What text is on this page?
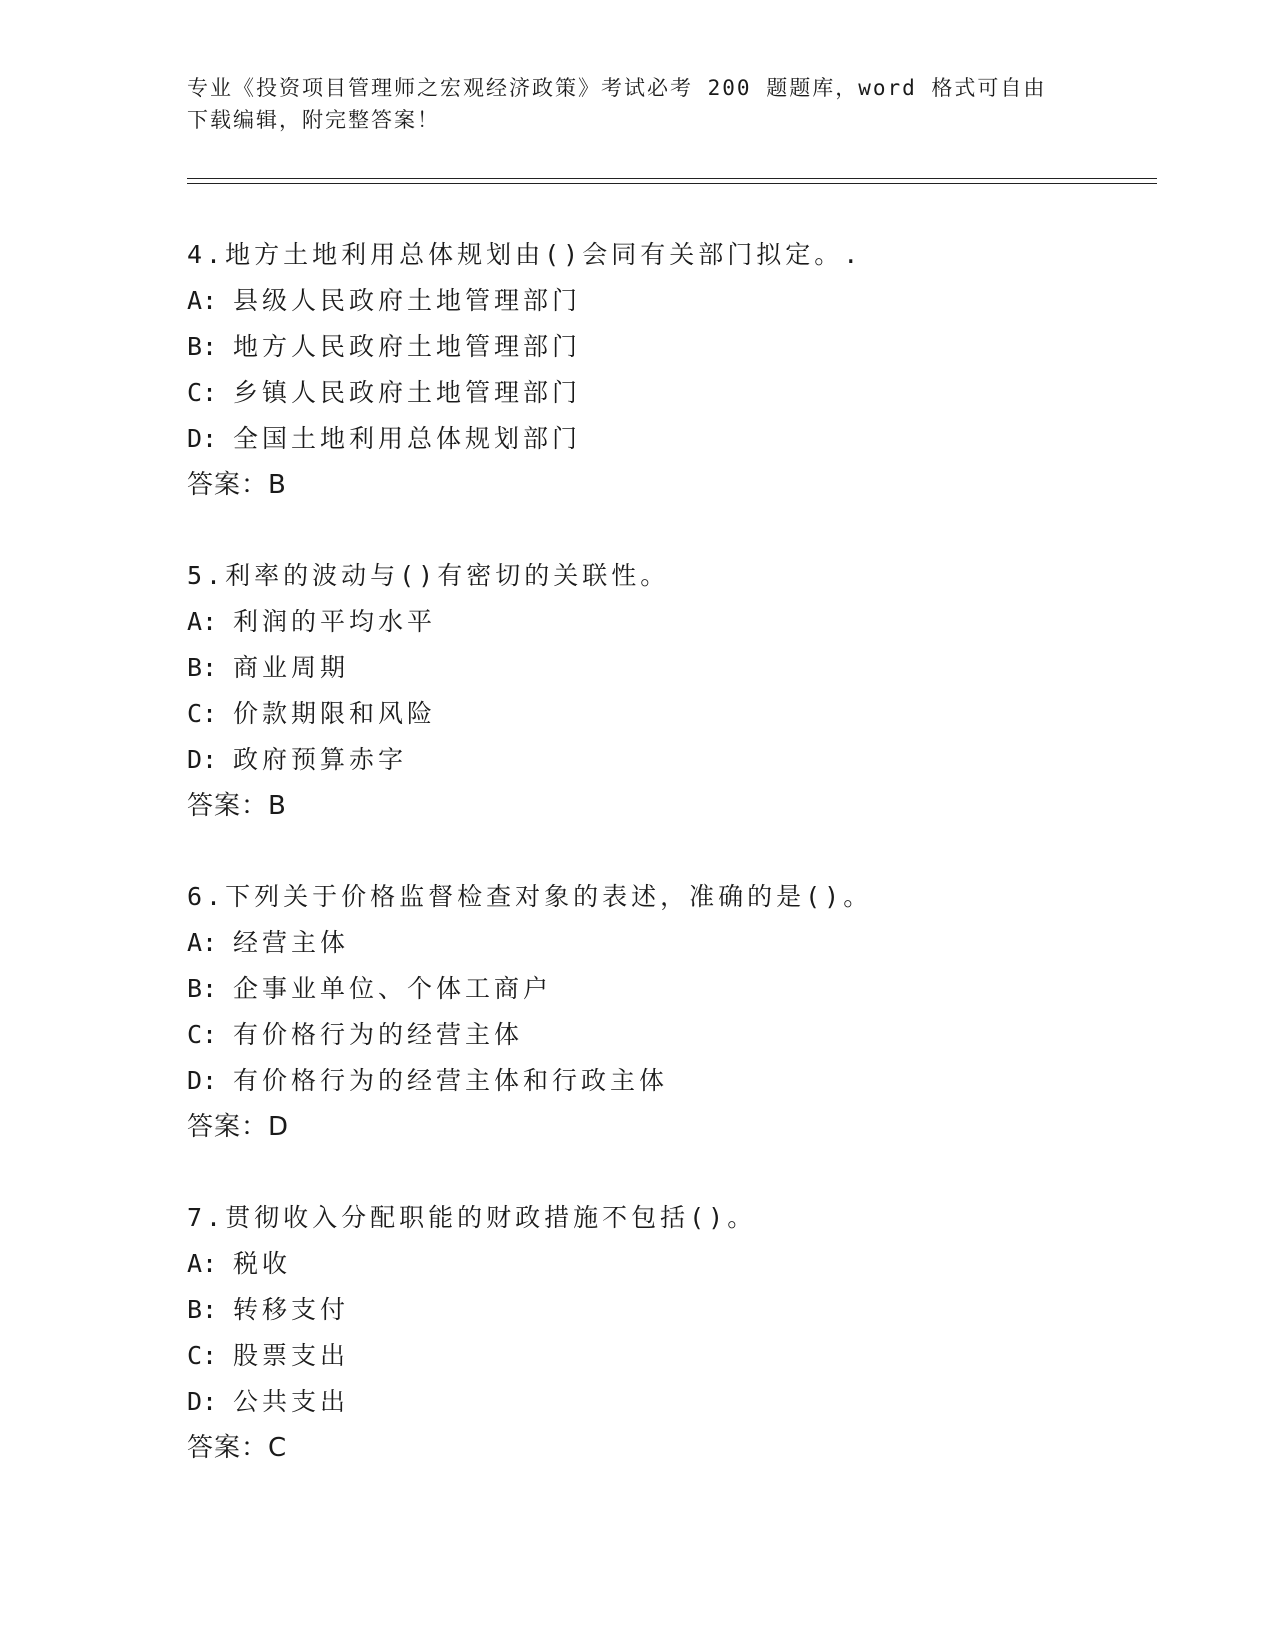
专业《投资项目管理师之宏观经济政策》考试必考 200 题题库，word 格式可自由
下载编辑，附完整答案！
4.地方土地利用总体规划由()会同有关部门拟定。.
A: 县级人民政府土地管理部门
B: 地方人民政府土地管理部门
C: 乡镇人民政府土地管理部门
D: 全国土地利用总体规划部门
答案：B
5.利率的波动与()有密切的关联性。
A: 利润的平均水平
B: 商业周期
C: 价款期限和风险
D: 政府预算赤字
答案：B
6.下列关于价格监督检查对象的表述，准确的是()。
A: 经营主体
B: 企事业单位、个体工商户
C: 有价格行为的经营主体
D: 有价格行为的经营主体和行政主体
答案：D
7.贯彻收入分配职能的财政措施不包括()。
A: 税收
B: 转移支付
C: 股票支出
D: 公共支出
答案：C
